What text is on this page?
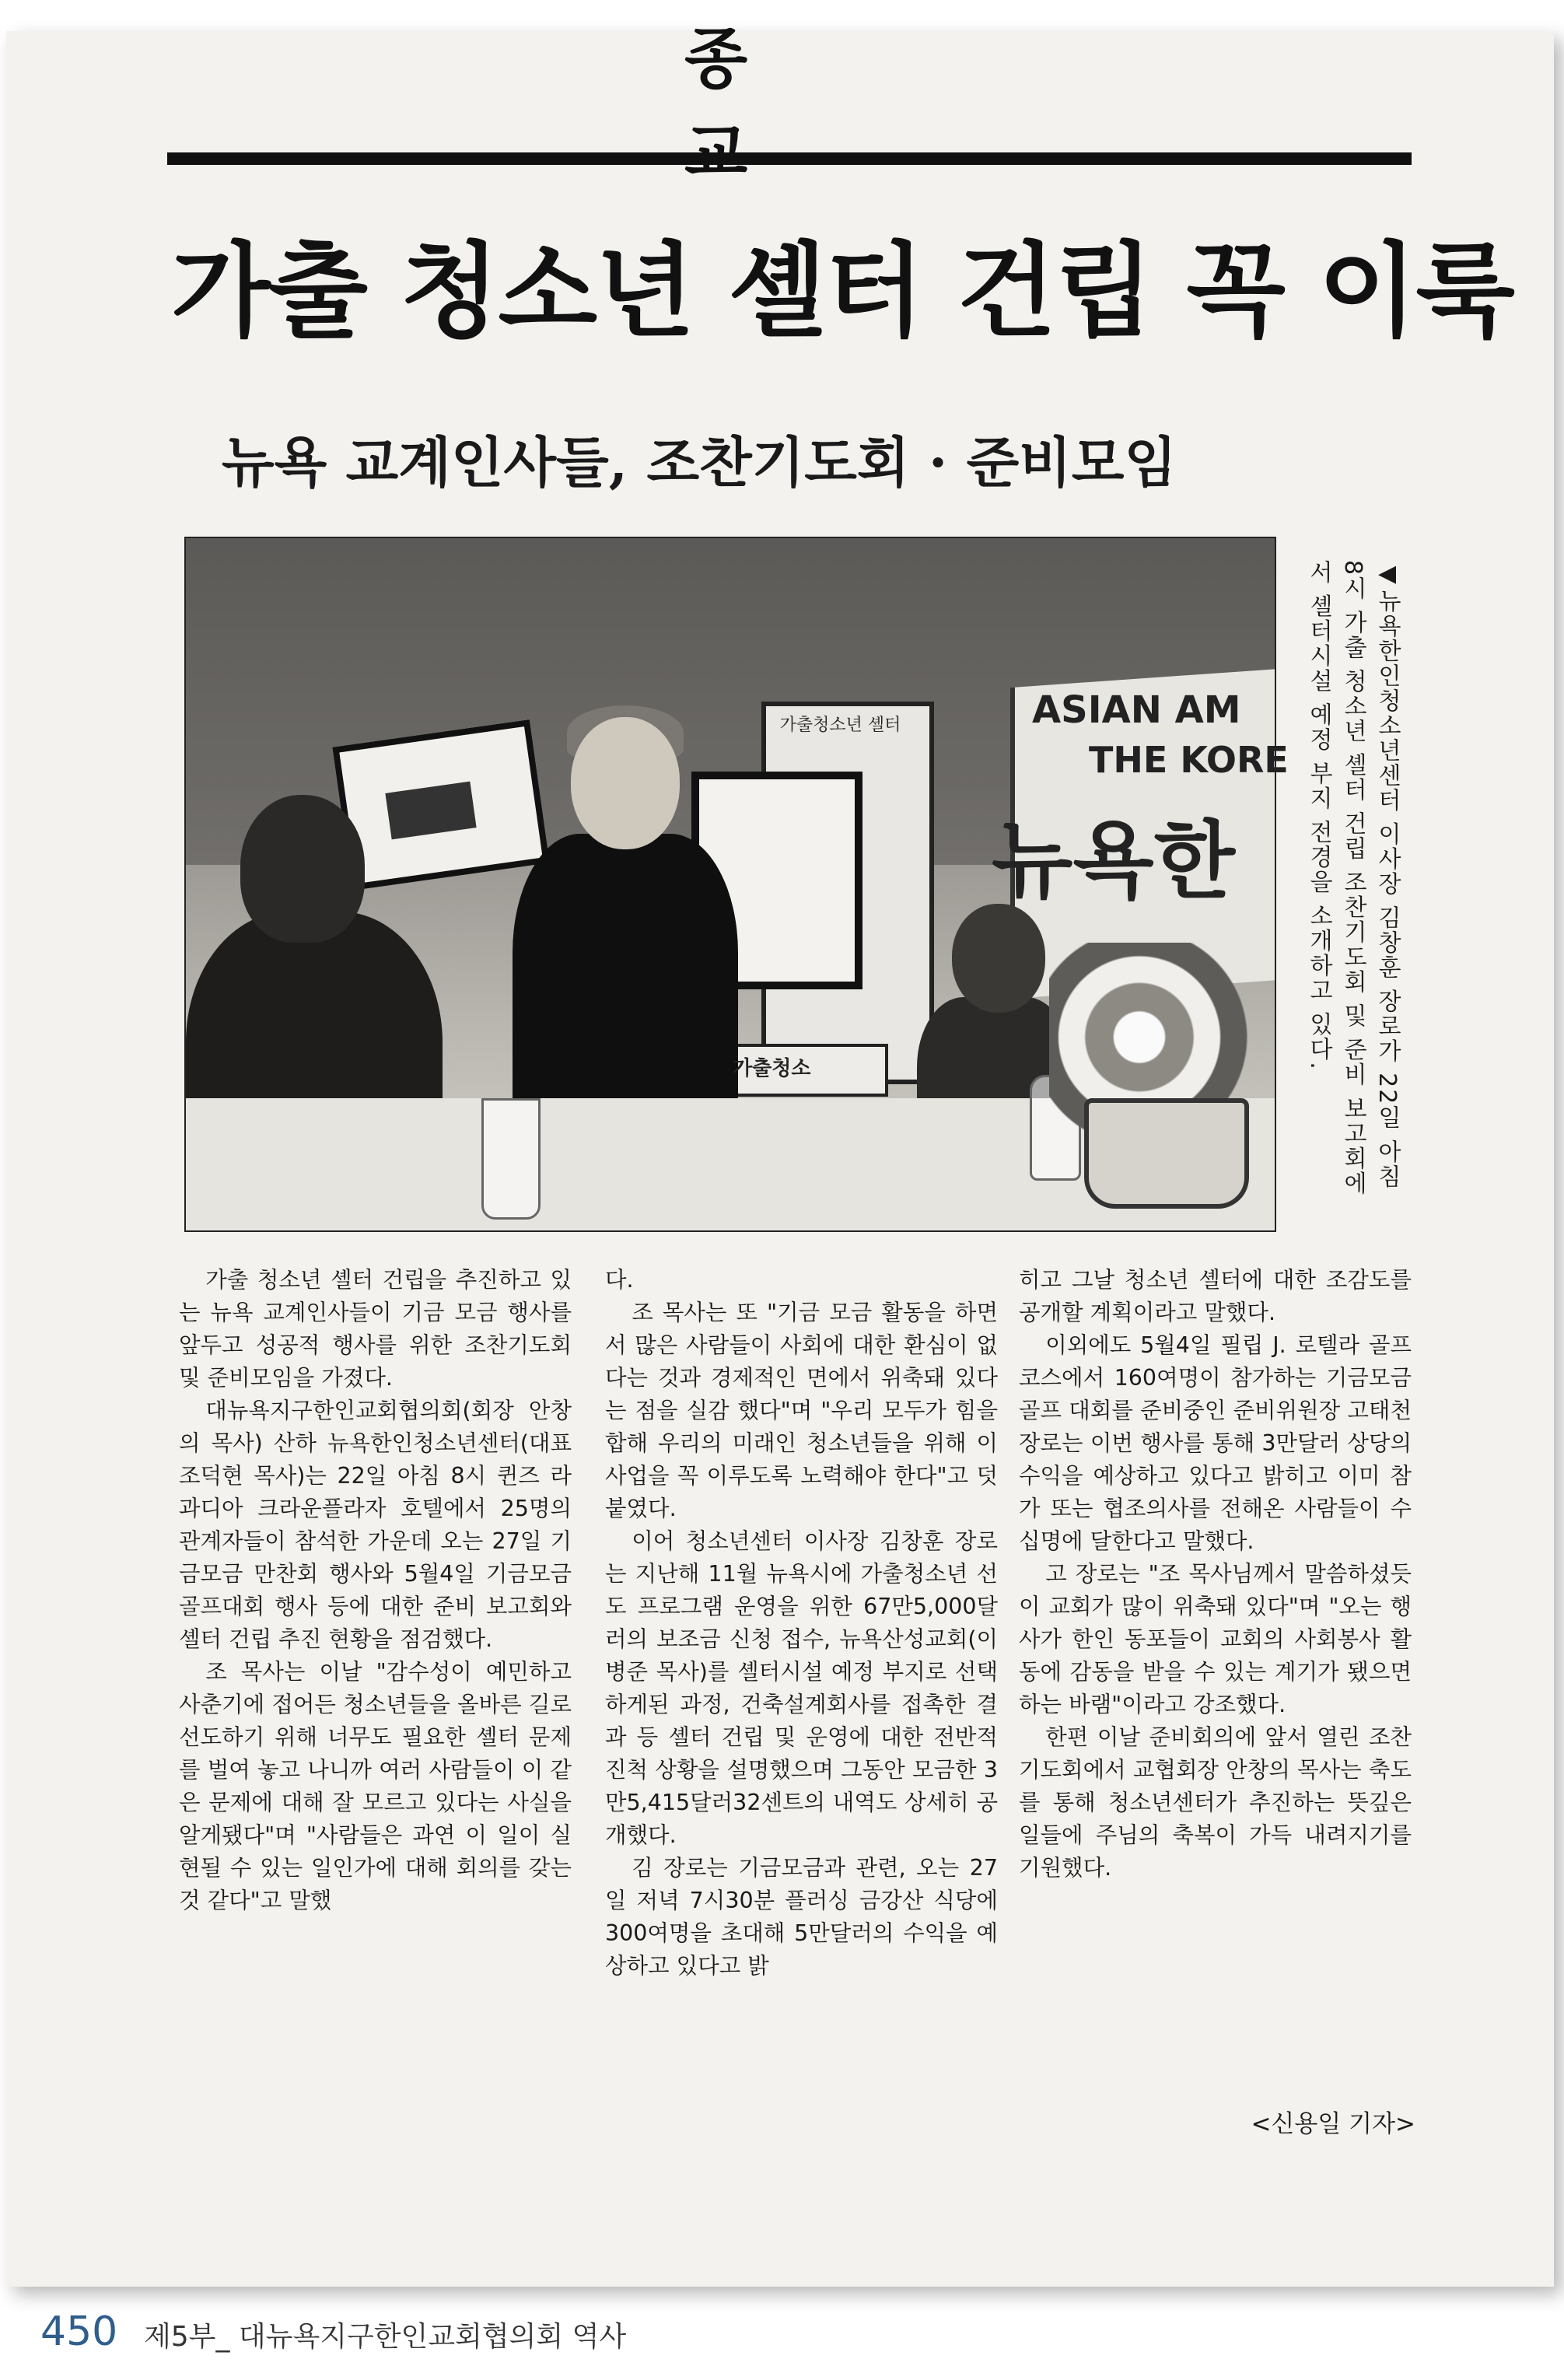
종
가출 청소년 셸터 건립 꼭 이룩
뉴욕 교계인사들, 조찬기도회 · 준비모임
ASIAN AM
THE KORE
뉴욕한
가출청소년 셸터
가출청소
◀뉴욕한인청소년센터 이사장 김창훈 장로가 22일 아침 8시 가출 청소년 셸터 건립 조찬기도회 및 준비 보고회에서 셸터시설 예정 부지 전경을 소개하고 있다.

가출 청소년 셸터 건립을 추진하고 있는 뉴욕 교계인사들이 기금 모금 행사를 앞두고 성공적 행사를 위한 조찬기도회 및 준비모임을 가졌다.

대뉴욕지구한인교회협의회(회장 안창의 목사) 산하 뉴욕한인청소년센터(대표 조덕현 목사)는 22일 아침 8시 퀸즈 라과디아 크라운플라자 호텔에서 25명의 관계자들이 참석한 가운데 오는 27일 기금모금 만찬회 행사와 5월4일 기금모금 골프대회 행사 등에 대한 준비 보고회와 셸터 건립 추진 현황을 점검했다.

조 목사는 이날 "감수성이 예민하고 사춘기에 접어든 청소년들을 올바른 길로 선도하기 위해 너무도 필요한 셸터 문제를 벌여 놓고 나니까 여러 사람들이 이 같은 문제에 대해 잘 모르고 있다는 사실을 알게됐다"며 "사람들은 과연 이 일이 실현될 수 있는 일인가에 대해 회의를 갖는 것 같다"고 말했

다.

조 목사는 또 "기금 모금 활동을 하면서 많은 사람들이 사회에 대한 환심이 없다는 것과 경제적인 면에서 위축돼 있다는 점을 실감 했다"며 "우리 모두가 힘을 합해 우리의 미래인 청소년들을 위해 이 사업을 꼭 이루도록 노력해야 한다"고 덧붙였다.

이어 청소년센터 이사장 김창훈 장로는 지난해 11월 뉴욕시에 가출청소년 선도 프로그램 운영을 위한 67만5,000달러의 보조금 신청 접수, 뉴욕산성교회(이병준 목사)를 셸터시설 예정 부지로 선택하게된 과정, 건축설계회사를 접촉한 결과 등 셸터 건립 및 운영에 대한 전반적 진척 상황을 설명했으며 그동안 모금한 3만5,415달러32센트의 내역도 상세히 공개했다.

김 장로는 기금모금과 관련, 오는 27일 저녁 7시30분 플러싱 금강산 식당에 300여명을 초대해 5만달러의 수익을 예상하고 있다고 밝

히고 그날 청소년 셸터에 대한 조감도를 공개할 계획이라고 말했다.

이외에도 5월4일 필립 J. 로텔라 골프 코스에서 160여명이 참가하는 기금모금 골프 대회를 준비중인 준비위원장 고태천 장로는 이번 행사를 통해 3만달러 상당의 수익을 예상하고 있다고 밝히고 이미 참가 또는 협조의사를 전해온 사람들이 수십명에 달한다고 말했다.

고 장로는 "조 목사님께서 말씀하셨듯이 교회가 많이 위축돼 있다"며 "오는 행사가 한인 동포들이 교회의 사회봉사 활동에 감동을 받을 수 있는 계기가 됐으면 하는 바램"이라고 강조했다.

한편 이날 준비회의에 앞서 열린 조찬기도회에서 교협회장 안창의 목사는 축도를 통해 청소년센터가 추진하는 뜻깊은 일들에 주님의 축복이 가득 내려지기를 기원했다.

<신용일 기자>
450 제5부_ 대뉴욕지구한인교회협의회 역사
